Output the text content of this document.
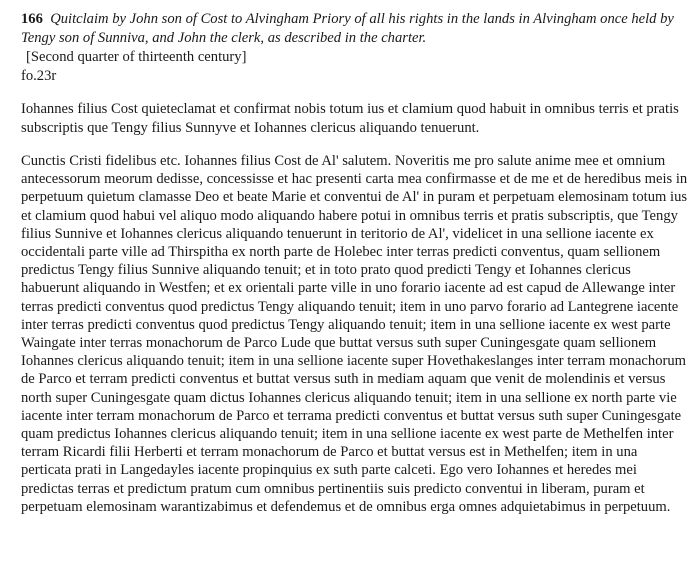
166 Quitclaim by John son of Cost to Alvingham Priory of all his rights in the lands in Alvingham once held by Tengy son of Sunniva, and John the clerk, as described in the charter.

[Second quarter of thirteenth century]

fo.23r

Iohannes filius Cost quieteclamat et confirmat nobis totum ius et clamium quod habuit in omnibus terris et pratis subscriptis que Tengy filius Sunnyve et Iohannes clericus aliquando tenuerunt.

Cunctis Cristi fidelibus etc. Iohannes filius Cost de Al' salutem. Noveritis me pro salute anime mee et omnium antecessorum meorum dedisse, concessisse et hac presenti carta mea confirmasse et de me et de heredibus meis in perpetuum quietum clamasse Deo et beate Marie et conventui de Al' in puram et perpetuam elemosinam totum ius et clamium quod habui vel aliquo modo aliquando habere potui in omnibus terris et pratis subscriptis, que Tengy filius Sunnive et Iohannes clericus aliquando tenuerunt in teritorio de Al', videlicet in una sellione iacente ex occidentali parte ville ad Thirspitha ex north parte de Holebec inter terras predicti conventus, quam sellionem predictus Tengy filius Sunnive aliquando tenuit; et in toto prato quod predicti Tengy et Iohannes clericus habuerunt aliquando in Westfen; et ex orientali parte ville in uno forario iacente ad est capud de Allewange inter terras predicti conventus quod predictus Tengy aliquando tenuit; item in uno parvo forario ad Lantegrene iacente inter terras predicti conventus quod predictus Tengy aliquando tenuit; item in una sellione iacente ex west parte Waingate inter terras monachorum de Parco Lude que buttat versus suth super Cuningesgate quam sellionem Iohannes clericus aliquando tenuit; item in una sellione iacente super Hovethakeslanges inter terram monachorum de Parco et terram predicti conventus et buttat versus suth in mediam aquam que venit de molendinis et versus north super Cuningesgate quam dictus Iohannes clericus aliquando tenuit; item in una sellione ex north parte vie iacente inter terram monachorum de Parco et terrama predicti conventus et buttat versus suth super Cuningesgate quam predictus Iohannes clericus aliquando tenuit; item in una sellione iacente ex west parte de Methelfen inter terram Ricardi filii Herberti et terram monachorum de Parco et buttat versus est in Methelfen; item in una perticata prati in Langedayles iacente propinquius ex suth parte calceti. Ego vero Iohannes et heredes mei predictas terras et predictum pratum cum omnibus pertinentiis suis predicto conventui in liberam, puram et perpetuam elemosinam warantizabimus et defendemus et de omnibus erga omnes adquietabimus in perpetuum.
